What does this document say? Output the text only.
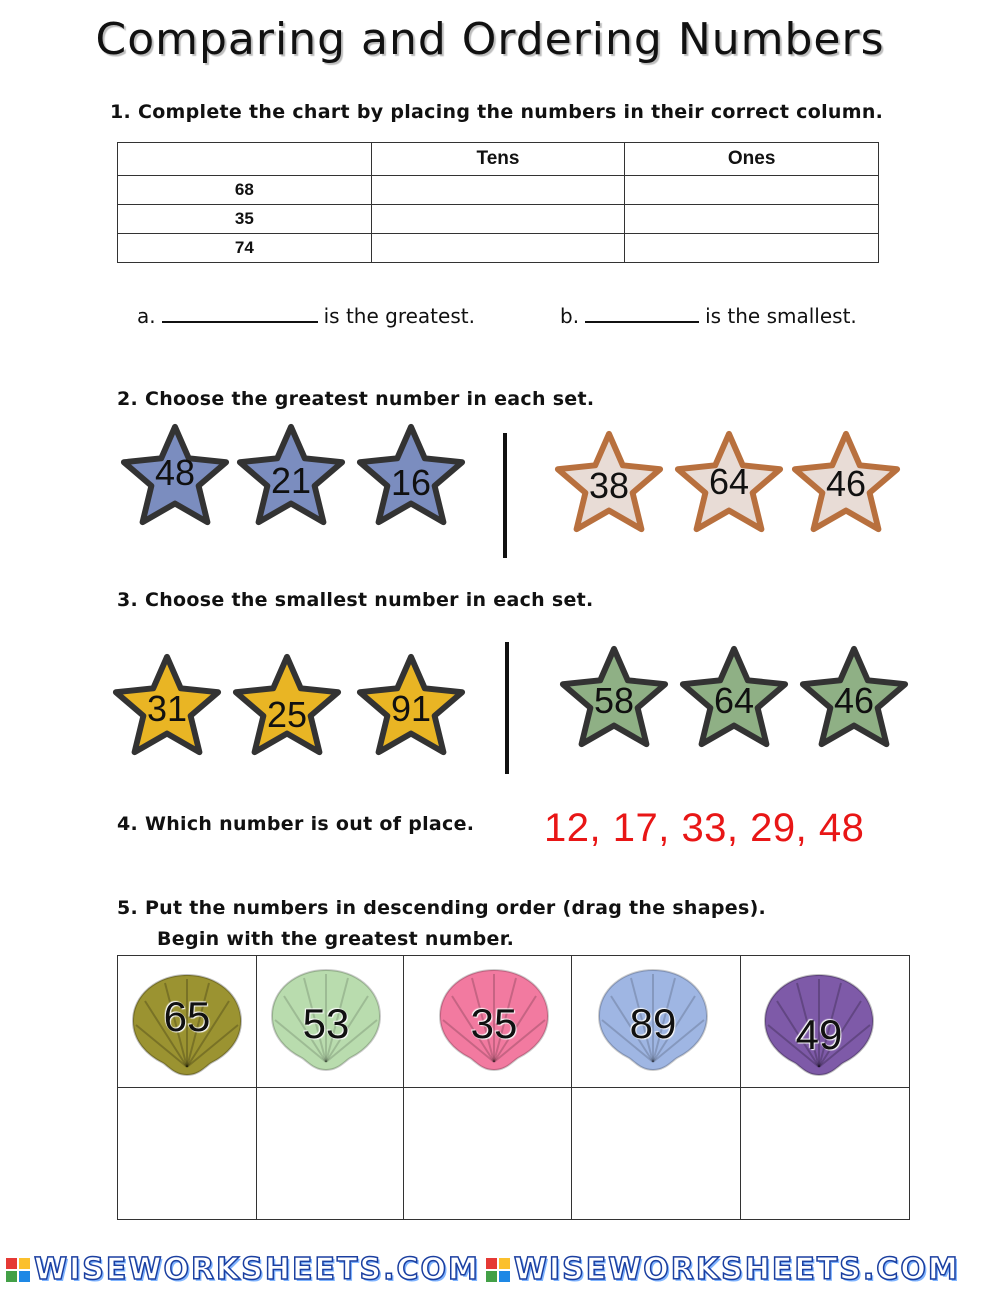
Comparing and Ordering Numbers
1. Complete the chart by placing the numbers in their correct column.
	Tens	Ones
68		
35		
74		
a.	is the greatest.	b.	is the smallest.
2. Choose the greatest number in each set.
48	21	16	38	64	46
3. Choose the smallest number in each set.
31	25	91	58	64	46
4. Which number is out of place. 12, 17, 33, 29, 48
5. Put the numbers in descending order (drag the shapes).
Begin with the greatest number.

65	53	35	89	49
WISEWORKSHEETS.COM WISEWORKSHEETS.COM
